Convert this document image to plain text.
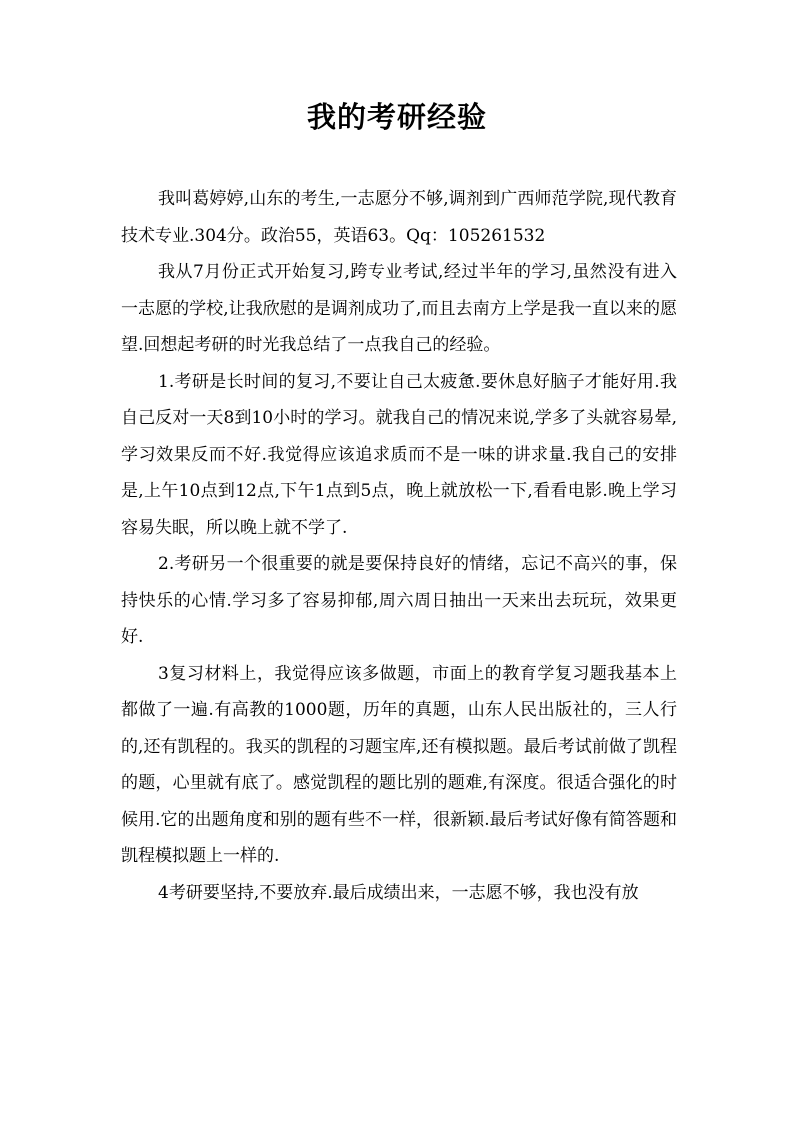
我的考研经验

我叫葛婷婷,山东的考生,一志愿分不够,调剂到广西师范学院,现代教育技术专业.304分。政治55，英语63。Qq：105261532

我从7月份正式开始复习,跨专业考试,经过半年的学习,虽然没有进入一志愿的学校,让我欣慰的是调剂成功了,而且去南方上学是我一直以来的愿望.回想起考研的时光我总结了一点我自己的经验。

1.考研是长时间的复习,不要让自己太疲惫.要休息好脑子才能好用.我自己反对一天8到10小时的学习。就我自己的情况来说,学多了头就容易晕,学习效果反而不好.我觉得应该追求质而不是一味的讲求量.我自己的安排是,上午10点到12点,下午1点到5点，晚上就放松一下,看看电影.晚上学习容易失眠，所以晚上就不学了.

2.考研另一个很重要的就是要保持良好的情绪，忘记不高兴的事，保持快乐的心情.学习多了容易抑郁,周六周日抽出一天来出去玩玩，效果更好.

3复习材料上，我觉得应该多做题，市面上的教育学复习题我基本上都做了一遍.有高教的1000题，历年的真题，山东人民出版社的，三人行的,还有凯程的。我买的凯程的习题宝库,还有模拟题。最后考试前做了凯程的题，心里就有底了。感觉凯程的题比别的题难,有深度。很适合强化的时候用.它的出题角度和别的题有些不一样，很新颖.最后考试好像有简答题和凯程模拟题上一样的.

4考研要坚持,不要放弃.最后成绩出来，一志愿不够，我也没有放
